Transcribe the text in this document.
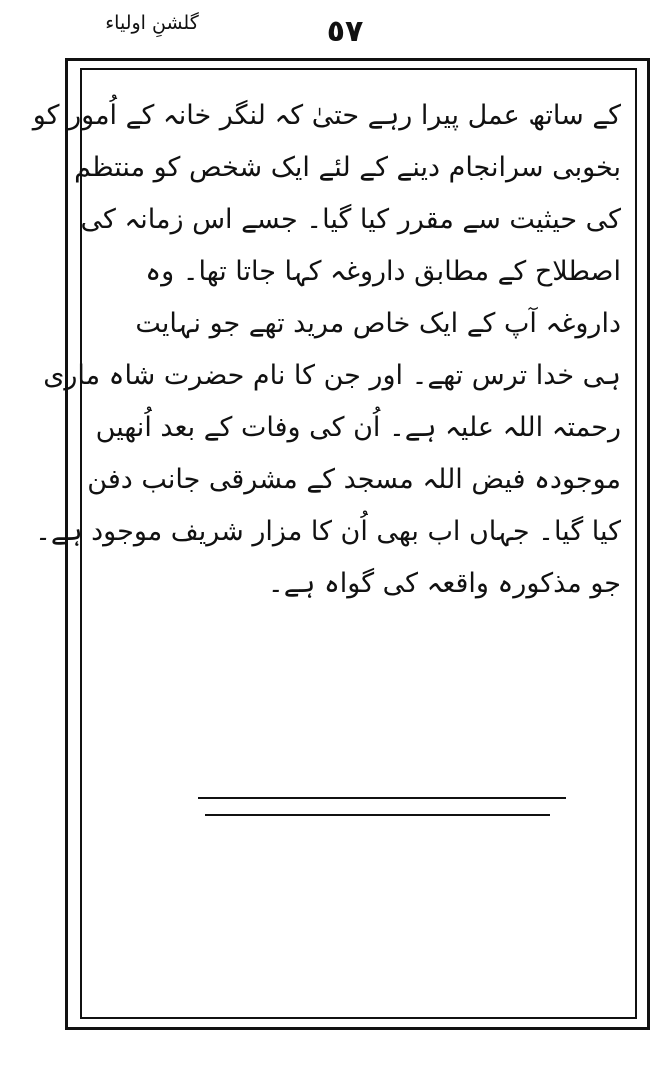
٥٧
گلشنِ اولیاء
کے ساتھ عمل پیرا رہے حتیٰ کہ لنگر خانہ کے اُمور کو
بخوبی سرانجام دینے کے لئے ایک شخص کو منتظم
کی حیثیت سے مقرر کیا گیا۔ جسے اس زمانہ کی
اصطلاح کے مطابق داروغہ کہا جاتا تھا۔ وہ
داروغہ آپ کے ایک خاص مرید تھے جو نہایت
ہی خدا ترس تھے۔ اور جن کا نام حضرت شاہ ماری
رحمتہ اللہ علیہ ہے۔ اُن کی وفات کے بعد اُنھیں
موجودہ فیض اللہ مسجد کے مشرقی جانب دفن
کیا گیا۔ جہاں اب بھی اُن کا مزار شریف موجود ہے۔
جو مذکورہ واقعہ کی گواہ ہے۔
